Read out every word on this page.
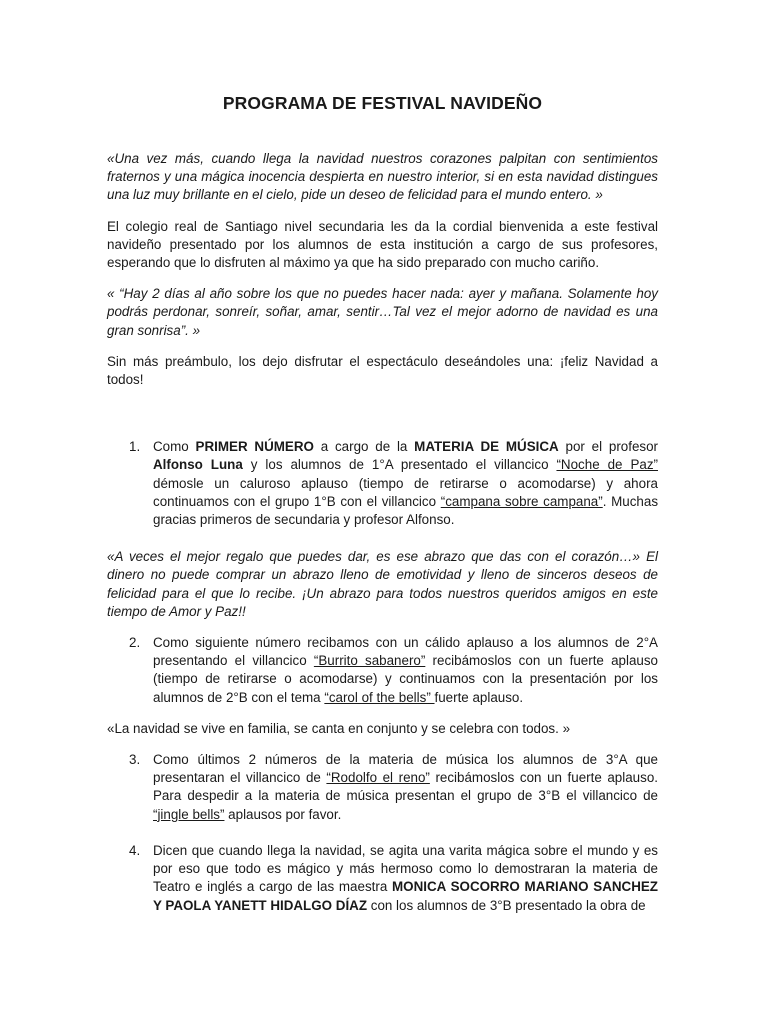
PROGRAMA DE FESTIVAL NAVIDEÑO

«Una vez más, cuando llega la navidad nuestros corazones palpitan con sentimientos fraternos y una mágica inocencia despierta en nuestro interior, si en esta navidad distingues una luz muy brillante en el cielo, pide un deseo de felicidad para el mundo entero. »

El colegio real de Santiago nivel secundaria les da la cordial bienvenida a este festival navideño presentado por los alumnos de esta institución a cargo de sus profesores, esperando que lo disfruten al máximo ya que ha sido preparado con mucho cariño.

« “Hay 2 días al año sobre los que no puedes hacer nada: ayer y mañana. Solamente hoy podrás perdonar, sonreír, soñar, amar, sentir…Tal vez el mejor adorno de navidad es una gran sonrisa”. »

Sin más preámbulo, los dejo disfrutar el espectáculo deseándoles una: ¡feliz Navidad a todos!

1. Como PRIMER NÚMERO a cargo de la MATERIA DE MÚSICA por el profesor Alfonso Luna y los alumnos de 1°A presentado el villancico “Noche de Paz” démosle un caluroso aplauso (tiempo de retirarse o acomodarse) y ahora continuamos con el grupo 1°B con el villancico “campana sobre campana”. Muchas gracias primeros de secundaria y profesor Alfonso.

«A veces el mejor regalo que puedes dar, es ese abrazo que das con el corazón…» El dinero no puede comprar un abrazo lleno de emotividad y lleno de sinceros deseos de felicidad para el que lo recibe. ¡Un abrazo para todos nuestros queridos amigos en este tiempo de Amor y Paz!!

2. Como siguiente número recibamos con un cálido aplauso a los alumnos de 2°A presentando el villancico “Burrito sabanero” recibámoslos con un fuerte aplauso (tiempo de retirarse o acomodarse) y continuamos con la presentación por los alumnos de 2°B con el tema “carol of the bells” fuerte aplauso.

«La navidad se vive en familia, se canta en conjunto y se celebra con todos. »

3. Como últimos 2 números de la materia de música los alumnos de 3°A que presentaran el villancico de “Rodolfo el reno” recibámoslos con un fuerte aplauso. Para despedir a la materia de música presentan el grupo de 3°B el villancico de “jingle bells” aplausos por favor.
4. Dicen que cuando llega la navidad, se agita una varita mágica sobre el mundo y es por eso que todo es mágico y más hermoso como lo demostraran la materia de Teatro e inglés a cargo de las maestra MONICA SOCORRO MARIANO SANCHEZ Y PAOLA YANETT HIDALGO DÍAZ con los alumnos de 3°B presentado la obra de
